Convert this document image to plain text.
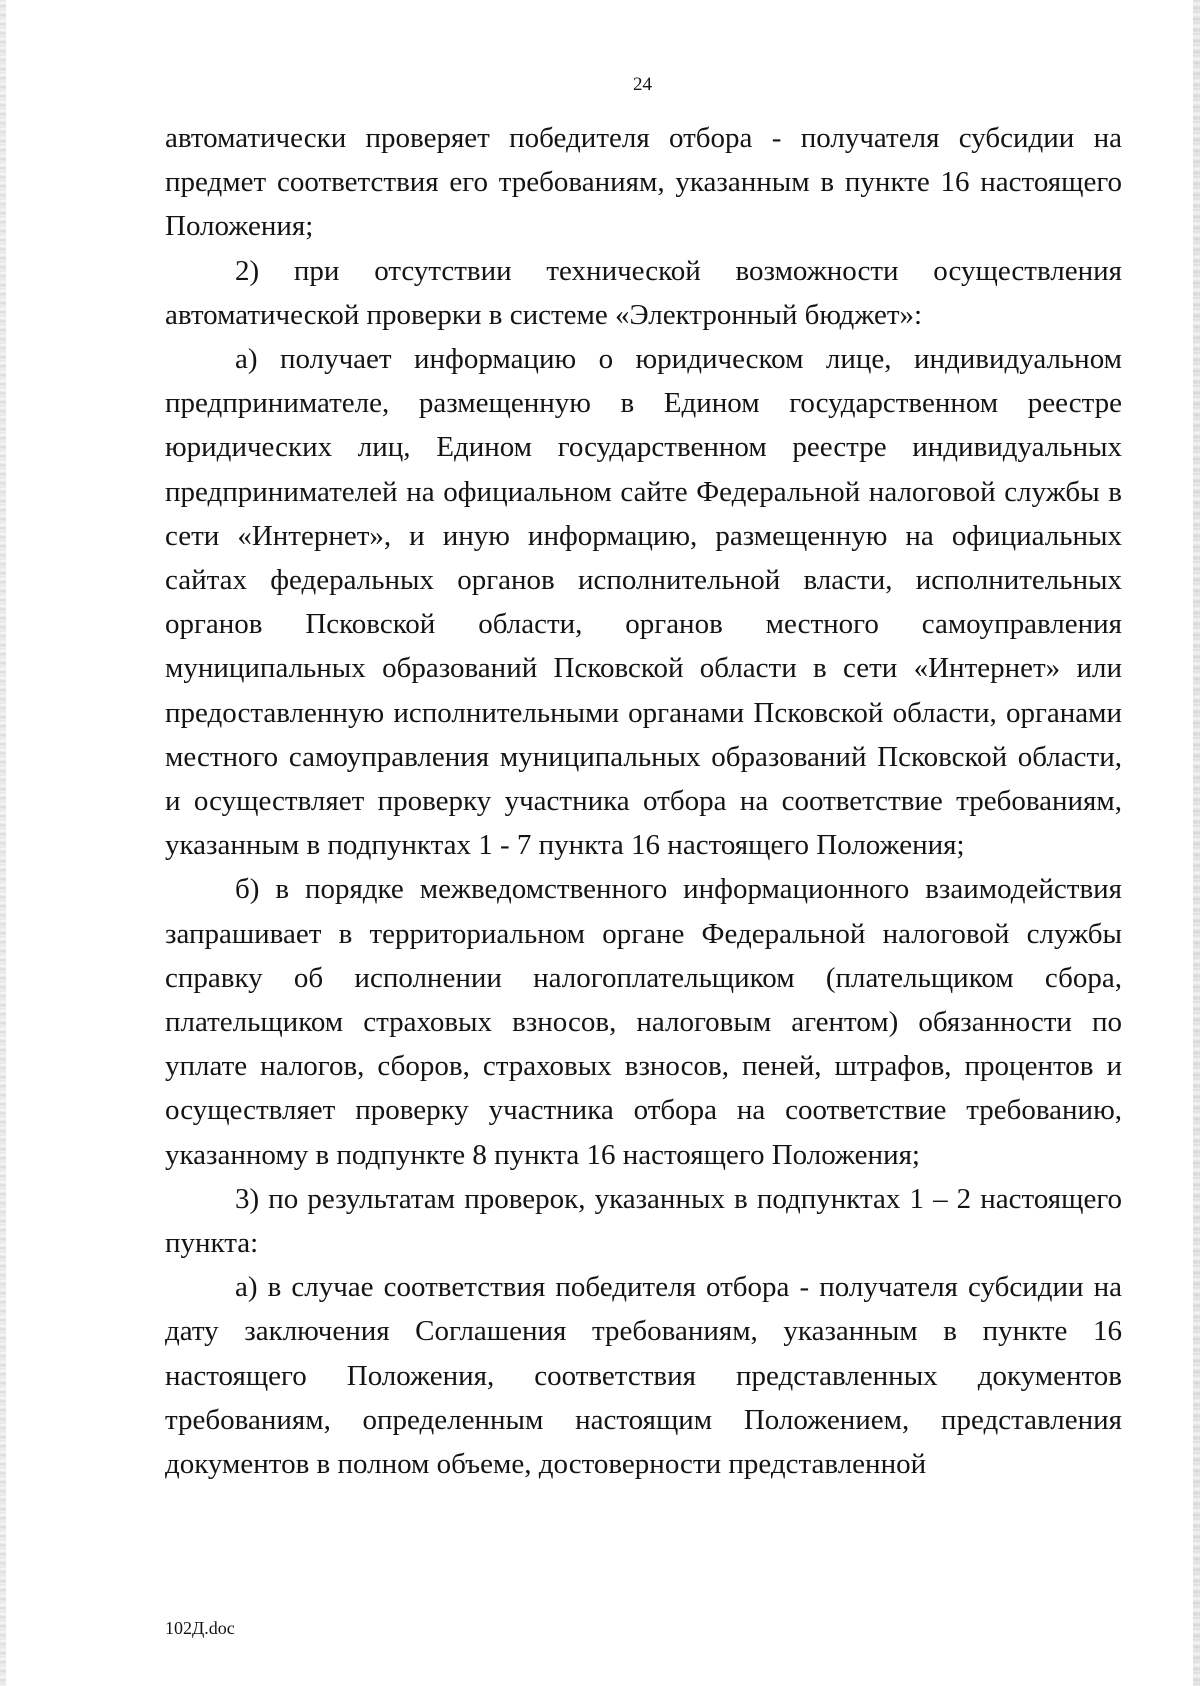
24

автоматически проверяет победителя отбора - получателя субсидии на предмет соответствия его требованиям, указанным в пункте 16 настоящего Положения;

2) при отсутствии технической возможности осуществления автоматической проверки в системе «Электронный бюджет»:

а) получает информацию о юридическом лице, индивидуальном предпринимателе, размещенную в Едином государственном реестре юридических лиц, Едином государственном реестре индивидуальных предпринимателей на официальном сайте Федеральной налоговой службы в сети «Интернет», и иную информацию, размещенную на официальных сайтах федеральных органов исполнительной власти, исполнительных органов Псковской области, органов местного самоуправления муниципальных образований Псковской области в сети «Интернет» или предоставленную исполнительными органами Псковской области, органами местного самоуправления муниципальных образований Псковской области, и осуществляет проверку участника отбора на соответствие требованиям, указанным в подпунктах 1 - 7 пункта 16 настоящего Положения;

б) в порядке межведомственного информационного взаимодействия запрашивает в территориальном органе Федеральной налоговой службы справку об исполнении налогоплательщиком (плательщиком сбора, плательщиком страховых взносов, налоговым агентом) обязанности по уплате налогов, сборов, страховых взносов, пеней, штрафов, процентов и осуществляет проверку участника отбора на соответствие требованию, указанному в подпункте 8 пункта 16 настоящего Положения;

3) по результатам проверок, указанных в подпунктах 1 – 2 настоящего пункта:

а) в случае соответствия победителя отбора - получателя субсидии на дату заключения Соглашения требованиям, указанным в пункте 16 настоящего Положения, соответствия представленных документов требованиям, определенным настоящим Положением, представления документов в полном объеме, достоверности представленной

102Д.doc
